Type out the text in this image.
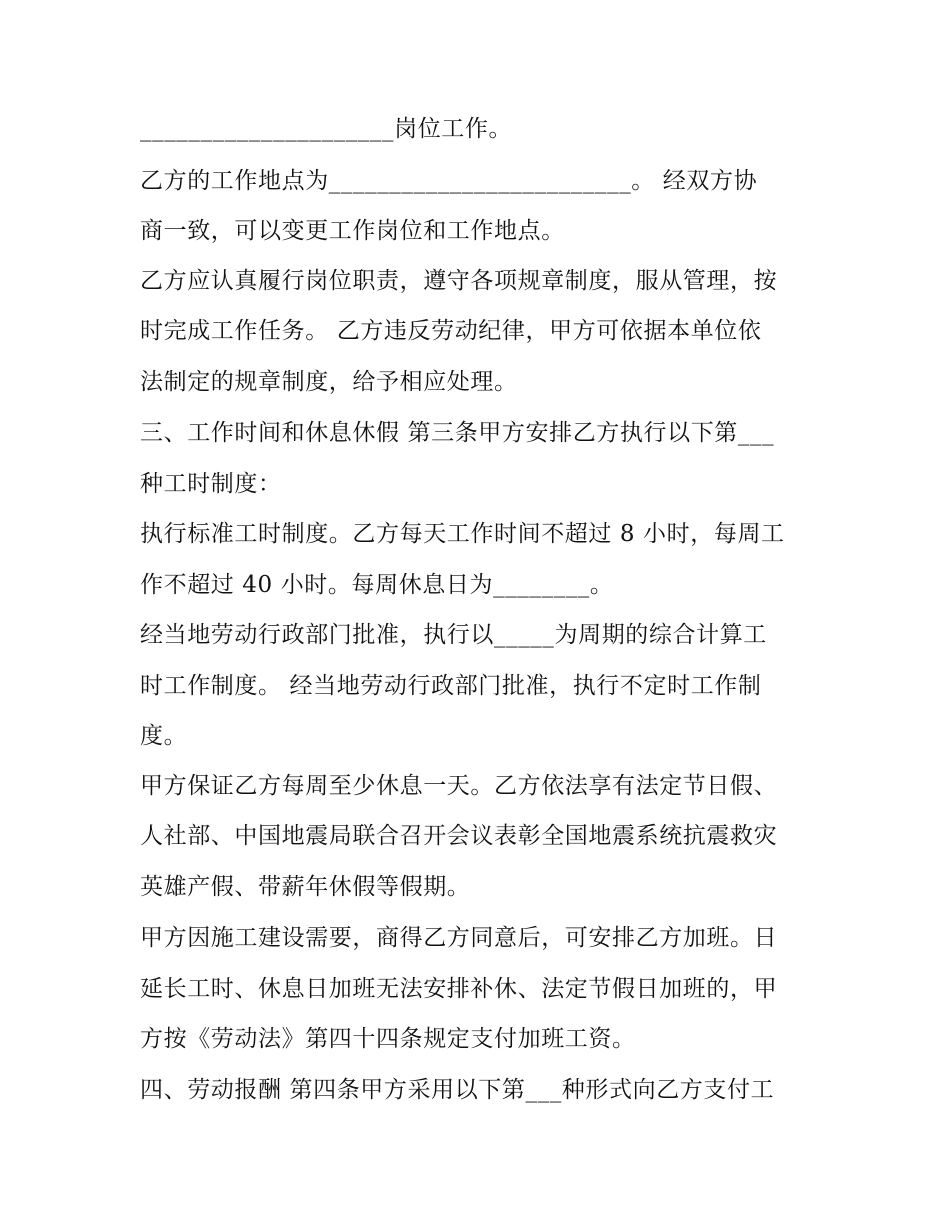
_____________________岗位工作。
乙方的工作地点为_________________________。 经双方协
商一致，可以变更工作岗位和工作地点。
乙方应认真履行岗位职责，遵守各项规章制度，服从管理，按
时完成工作任务。 乙方违反劳动纪律，甲方可依据本单位依
法制定的规章制度，给予相应处理。
三、工作时间和休息休假 第三条甲方安排乙方执行以下第___
种工时制度：
执行标准工时制度。乙方每天工作时间不超过 8 小时，每周工
作不超过 40 小时。每周休息日为________。
经当地劳动行政部门批准，执行以_____为周期的综合计算工
时工作制度。 经当地劳动行政部门批准，执行不定时工作制
度。
甲方保证乙方每周至少休息一天。乙方依法享有法定节日假、
人社部、中国地震局联合召开会议表彰全国地震系统抗震救灾
英雄产假、带薪年休假等假期。
甲方因施工建设需要，商得乙方同意后，可安排乙方加班。日
延长工时、休息日加班无法安排补休、法定节假日加班的，甲
方按《劳动法》第四十四条规定支付加班工资。
四、劳动报酬 第四条甲方采用以下第___种形式向乙方支付工
